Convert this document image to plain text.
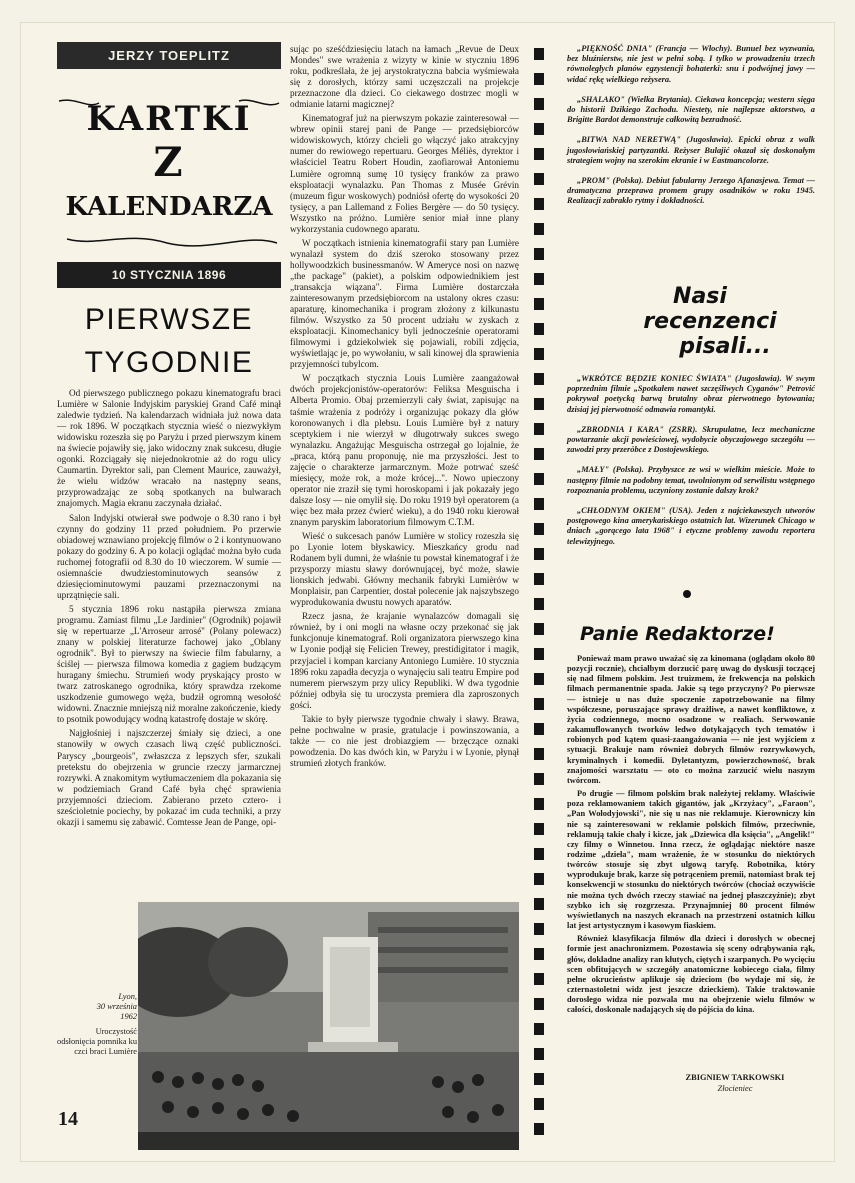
JERZY TOEPLITZ
KARTKI
Z
KALENDARZA
10 STYCZNIA 1896
PIERWSZE
TYGODNIE

Od pierwszego publicznego pokazu kinematografu braci Lumière w Salonie Indyjskim paryskiej Grand Café minął zaledwie tydzień. Na kalendarzach widniała już nowa data — rok 1896. W początkach stycznia wieść o niezwykłym widowisku rozeszła się po Paryżu i przed pierwszym kinem na świecie pojawiły się, jako widoczny znak sukcesu, długie ogonki. Rozciągały się niejednokrotnie aż do rogu ulicy Caumartin. Dyrektor sali, pan Clement Maurice, zauważył, że wielu widzów wracało na następny seans, przyprowadzając ze sobą spotkanych na bulwarach znajomych. Magia ekranu zaczynała działać.

Salon Indyjski otwierał swe podwoje o 8.30 rano i był czynny do godziny 11 przed południem. Po przerwie obiadowej wznawiano projekcję filmów o 2 i kontynuowano pokazy do godziny 6. A po kolacji oglądać można było cuda ruchomej fotografii od 8.30 do 10 wieczorem. W sumie — osiemnaście dwudziestominutowych seansów z dziesięciominutowymi pauzami przeznaczonymi na uprzątnięcie sali.

5 stycznia 1896 roku nastąpiła pierwsza zmiana programu. Zamiast filmu „Le Jardinier" (Ogrodnik) pojawił się w repertuarze „L'Arroseur arrosé" (Polany polewacz) znany w polskiej literaturze fachowej jako „Oblany ogrodnik". Był to pierwszy na świecie film fabularny, a ściślej — pierwsza filmowa komedia z gagiem budzącym huragany śmiechu. Strumień wody pryskający prosto w twarz zatroskanego ogrodnika, który sprawdza rzekome uszkodzenie gumowego węża, budził ogromną wesołość widowni. Znacznie mniejszą niż moralne zakończenie, kiedy to psotnik powodujący wodną katastrofę dostaje w skórę.

Najgłośniej i najszczerzej śmiały się dzieci, a one stanowiły w owych czasach liwą część publiczności. Paryscy „bourgeois", zwłaszcza z lepszych sfer, szukali pretekstu do obejrzenia w gruncie rzeczy jarmarcznej rozrywki. A znakomitym wytłumaczeniem dla pokazania się w podziemiach Grand Café była chęć sprawienia przyjemności dzieciom. Zabierano przeto cztero- i sześcioletnie pociechy, by pokazać im cuda techniki, a przy okazji i samemu się zabawić. Comtesse Jean de Pange, opi-

sując po sześćdziesięciu latach na łamach „Revue de Deux Mondes" swe wrażenia z wizyty w kinie w styczniu 1896 roku, podkreślała, że jej arystokratyczna babcia wyśmiewała się z dorosłych, którzy sami uczęszczali na projekcje przeznaczone dla dzieci. Co ciekawego dostrzec mogli w odmianie latarni magicznej?

Kinematograf już na pierwszym pokazie zainteresował — wbrew opinii starej pani de Pange — przedsiębiorców widowiskowych, którzy chcieli go włączyć jako atrakcyjny numer do rewiowego repertuaru. Georges Méliès, dyrektor i właściciel Teatru Robert Houdin, zaofiarował Antoniemu Lumière ogromną sumę 10 tysięcy franków za prawo eksploatacji wynalazku. Pan Thomas z Musée Grévin (muzeum figur woskowych) podniósł ofertę do wysokości 20 tysięcy, a pan Lallemand z Folies Bergère — do 50 tysięcy. Wszystko na próżno. Lumière senior miał inne plany wykorzystania cudownego aparatu.

W początkach istnienia kinematografii stary pan Lumière wynalazł system do dziś szeroko stosowany przez hollywoodzkich businessmanów. W Ameryce nosi on nazwę „the package" (pakiet), a polskim odpowiednikiem jest „transakcja wiązana". Firma Lumière dostarczała zainteresowanym przedsiębiorcom na ustalony okres czasu: aparaturę, kinomechanika i program złożony z kilkunastu filmów. Wszystko za 50 procent udziału w zyskach z eksploatacji. Kinomechanicy byli jednocześnie operatorami filmowymi i gdziekolwiek się pojawiali, robili zdjęcia, wyświetlając je, po wywołaniu, w sali kinowej dla sprawienia przyjemności tubylcom.

W początkach stycznia Louis Lumière zaangażował dwóch projekcjonistów-operatorów: Feliksa Mesguischa i Alberta Promio. Obaj przemierzyli cały świat, zapisując na taśmie wrażenia z podróży i organizując pokazy dla głów koronowanych i dla plebsu. Louis Lumière był z natury sceptykiem i nie wierzył w długotrwały sukces swego wynalazku. Angażując Mesguischa ostrzegał go lojalnie, że „praca, którą panu proponuję, nie ma przyszłości. Jest to zajęcie o charakterze jarmarcznym. Może potrwać sześć miesięcy, może rok, a może krócej...". Nowo upieczony operator nie zraził się tymi horoskopami i jak pokazały jego dalsze losy — nie omylił się. Do roku 1919 był operatorem (a więc bez mała przez ćwierć wieku), a do 1940 roku kierował znanym paryskim laboratorium filmowym C.T.M.

Wieść o sukcesach panów Lumière w stolicy rozeszła się po Lyonie lotem błyskawicy. Mieszkańcy grodu nad Rodanem byli dumni, że właśnie tu powstał kinematograf i że przysporzy miastu sławy dorównującej, być może, sławie lionskich jedwabi. Główny mechanik fabryki Lumièrów w Monplaisir, pan Carpentier, dostał polecenie jak najszybszego wyprodukowania dwustu nowych aparatów.

Rzecz jasna, że krajanie wynalazców domagali się również, by i oni mogli na własne oczy przekonać się jak funkcjonuje kinematograf. Roli organizatora pierwszego kina w Lyonie podjął się Felicien Trewey, prestidigitator i magik, przyjaciel i kompan karciany Antoniego Lumière. 10 stycznia 1896 roku zapadła decyzja o wynajęciu sali teatru Empire pod numerem pierwszym przy ulicy Republiki. W dwa tygodnie później odbyła się tu uroczysta premiera dla zaproszonych gości.

Takie to były pierwsze tygodnie chwały i sławy. Brawa, pełne pochwalne w prasie, gratulacje i powinszowania, a także — co nie jest drobiazgiem — brzęczące oznaki powodzenia. Do kas dwóch kin, w Paryżu i w Lyonie, płynął strumień złotych franków.

Lyon,
30 września
1962
Uroczystość odsłonięcia pomnika ku czci braci Lumière
14

„PIĘKNOŚĆ DNIA" (Francja — Włochy). Bunuel bez wyzwania, bez bluźnierstw, nie jest w pełni sobą. I tylko w prowadzeniu trzech równoległych planów egzystencji bohaterki: snu i podwójnej jawy — widać rękę wielkiego reżysera.

„SHALAKO" (Wielka Brytania). Ciekawa koncepcja; western sięga do historii Dzikiego Zachodu. Niestety, nie najlepsze aktorstwo, a Brigitte Bardot demonstruje całkowitą bezradność.

„BITWA NAD NERETWĄ" (Jugosławia). Epicki obraz z walk jugosłowiańskiej partyzantki. Reżyser Bulajić okazał się doskonałym strategiem wojny na szerokim ekranie i w Eastmancolorze.

„PROM" (Polska). Debiut fabularny Jerzego Afanasjewa. Temat — dramatyczna przeprawa promem grupy osadników w roku 1945. Realizacji zabrakło rytmy i dokładności.

Nasi
recenzenci
pisali...

„WKRÓTCE BĘDZIE KONIEC ŚWIATA" (Jugosławia). W swym poprzednim filmie „Spotkałem nawet szczęśliwych Cyganów" Petrović pokrywał poetycką barwą brutalny obraz pierwotnego bytowania; dzisiaj jej pierwotność odmawia romantyki.

„ZBRODNIA I KARA" (ZSRR). Skrupulatne, lecz mechaniczne powtarzanie akcji powieściowej, wydobycie obyczajowego szczegółu — zawodzi przy przeróbce z Dostojewskiego.

„MAŁY" (Polska). Przybyszce ze wsi w wielkim mieście. Może to następny filmie na podobny temat, uwolnionym od serwilistu wstępnego rozpoznania problemu, uczyniony zostanie dalszy krok?

„CHŁODNYM OKIEM" (USA). Jeden z najciekawszych utworów postępowego kina amerykańskiego ostatnich lat. Wizerunek Chicago w dniach „gorącego lata 1968" i etyczne problemy zawodu reportera telewizyjnego.

Panie Redaktorze!

Ponieważ mam prawo uważać się za kinomana (oglądam około 80 pozycji rocznie), chciałbym dorzucić parę uwag do dyskusji toczącej się nad filmem polskim. Jest truizmem, że frekwencja na polskich filmach permanentnie spada. Jakie są tego przyczyny? Po pierwsze — istnieje u nas duże spoczenie zapotrzebowanie na filmy współczesne, poruszające sprawy drażliwe, a nawet konfliktowe, z życia codziennego, mocno osadzone w realiach. Serwowanie zakamuflowanych tworków ledwo dotykających tych tematów i robionych pod kątem quasi-zaangażowania — nie jest wyjściem z sytuacji. Brakuje nam również dobrych filmów rozrywkowych, kryminalnych i komedii. Dyletantyzm, powierzchowność, brak znajomości warsztatu — oto co można zarzucić wielu naszym twórcom.

Po drugie — filmom polskim brak należytej reklamy. Właściwie poza reklamowaniem takich gigantów, jak „Krzyżacy", „Faraon", „Pan Wołodyjowski", nie się u nas nie reklamuje. Kierowniczy kin nie są zainteresowani w reklamie polskich filmów, przeciwnie, reklamują takie chały i kicze, jak „Dziewica dla księcia", „Angelik!" czy filmy o Winnetou. Inna rzecz, że oglądając niektóre nasze rodzime „dzieła", mam wrażenie, że w stosunku do niektórych twórców stosuje się zbyt ulgową taryfę. Robotnika, który wyprodukuje brak, karze się potrąceniem premii, natomiast brak tej konsekwencji w stosunku do niektórych twórców (chociaż oczywiście nie można tych dwóch rzeczy stawiać na jednej płaszczyźnie); zbyt szybko ich się rozgrzesza. Przynajmniej 80 procent filmów wyświetlanych na naszych ekranach na przestrzeni ostatnich kilku lat jest artystycznym i kasowym fiaskiem.

Również klasyfikacja filmów dla dzieci i dorosłych w obecnej formie jest anachronizmem. Pozostawia się sceny odrąbywania rąk, głów, dokładne analizy ran kłutych, ciętych i szarpanych. Po wycięciu scen obfitujących w szczegóły anatomiczne kobiecego ciała, filmy pełne okrucieństw aplikuje się dzieciom (bo wydaje mi się, że czternastoletni widz jest jeszcze dzieckiem). Takie traktowanie dorosłego widza nie pozwala mu na obejrzenie wielu filmów w całości, doskonale nadających się do pójścia do kina.

ZBIGNIEW TARKOWSKI
Złocieniec
